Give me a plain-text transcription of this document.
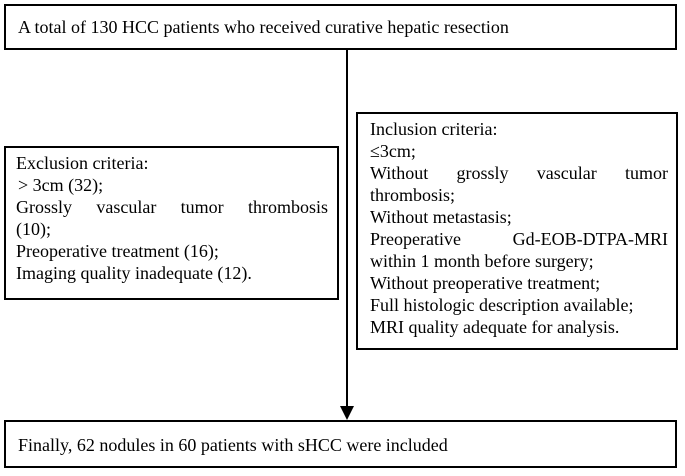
A total of 130 HCC patients who received curative hepatic resection
Exclusion criteria:
> 3cm (32);
Grossly vascular tumor thrombosis
(10);
Preoperative treatment (16);
Imaging quality inadequate (12).
Inclusion criteria:
≤3cm;
Without grossly vascular tumor
thrombosis;
Without metastasis;
Preoperative Gd-EOB-DTPA-MRI
within 1 month before surgery;
Without preoperative treatment;
Full histologic description available;
MRI quality adequate for analysis.
Finally, 62 nodules in 60 patients with sHCC were included
